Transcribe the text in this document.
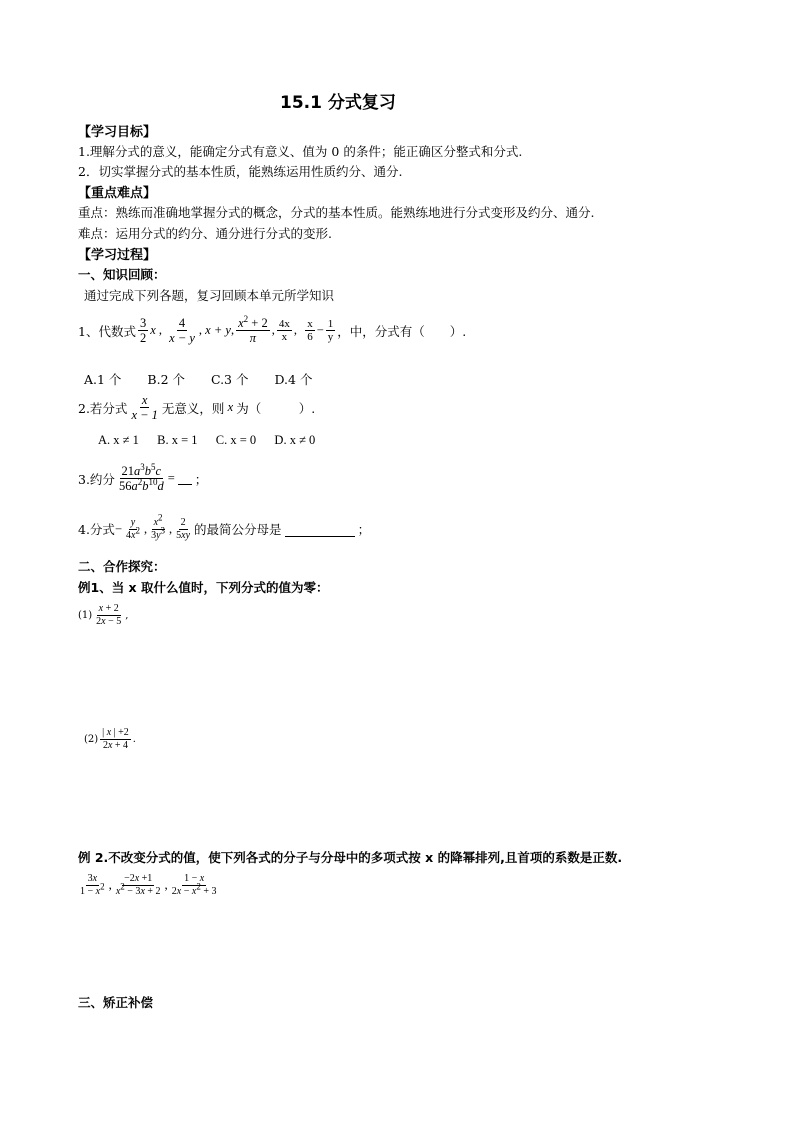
15.1 分式复习
【学习目标】
1.理解分式的意义，能确定分式有意义、值为 0 的条件；能正确区分整式和分式.
2．切实掌握分式的基本性质，能熟练运用性质约分、通分.
【重点难点】
重点：熟练而准确地掌握分式的概念，分式的基本性质。能熟练地进行分式变形及约分、通分.
难点：运用分式的约分、通分进行分式的变形.
【学习过程】
一、知识回顾：
通过完成下列各题，复习回顾本单元所学知识
1、代数式 $\frac{3}{2}$ x , $\frac{4}{x - y}$ , x + y , $\frac{x^2 + 2}{\pi}$ , $\frac{4x}{x}$ , $\frac{x}{6} - \frac{1}{y}$ ，中，分式有（　　）.
A.1 个 B.2 个 C.3 个 D.4 个
2.若分式 $\frac{x}{x - 1}$ 无意义，则 x 为（　　　）.
A. x ≠ 1 B. x = 1 C. x = 0 D. x ≠ 0
3.约分 $\frac{21a^3b^5c}{56a^2b^{10}d}$ = ；
4.分式 − $\frac{y}{4x^2}$ , $\frac{x^2}{3y^3}$ , $\frac{2}{5xy}$ 的最简公分母是	；
二、合作探究：
例1、当 x 取什么值时，下列分式的值为零：
$(1) \frac{x + 2}{2x - 5}$ ,
$(2) \frac{| x | +2}{2x + 4}$ .
例 2.不改变分式的值，使下列各式的分子与分母中的多项式按 x 的降幂排列,且首项的系数是正数.
$\frac{3x}{1 - x^2}$ , $\frac{-2x +1}{x^2 - 3x + 2}$ , $\frac{1 - x}{2x - x^2 + 3}$
三、矫正补偿
